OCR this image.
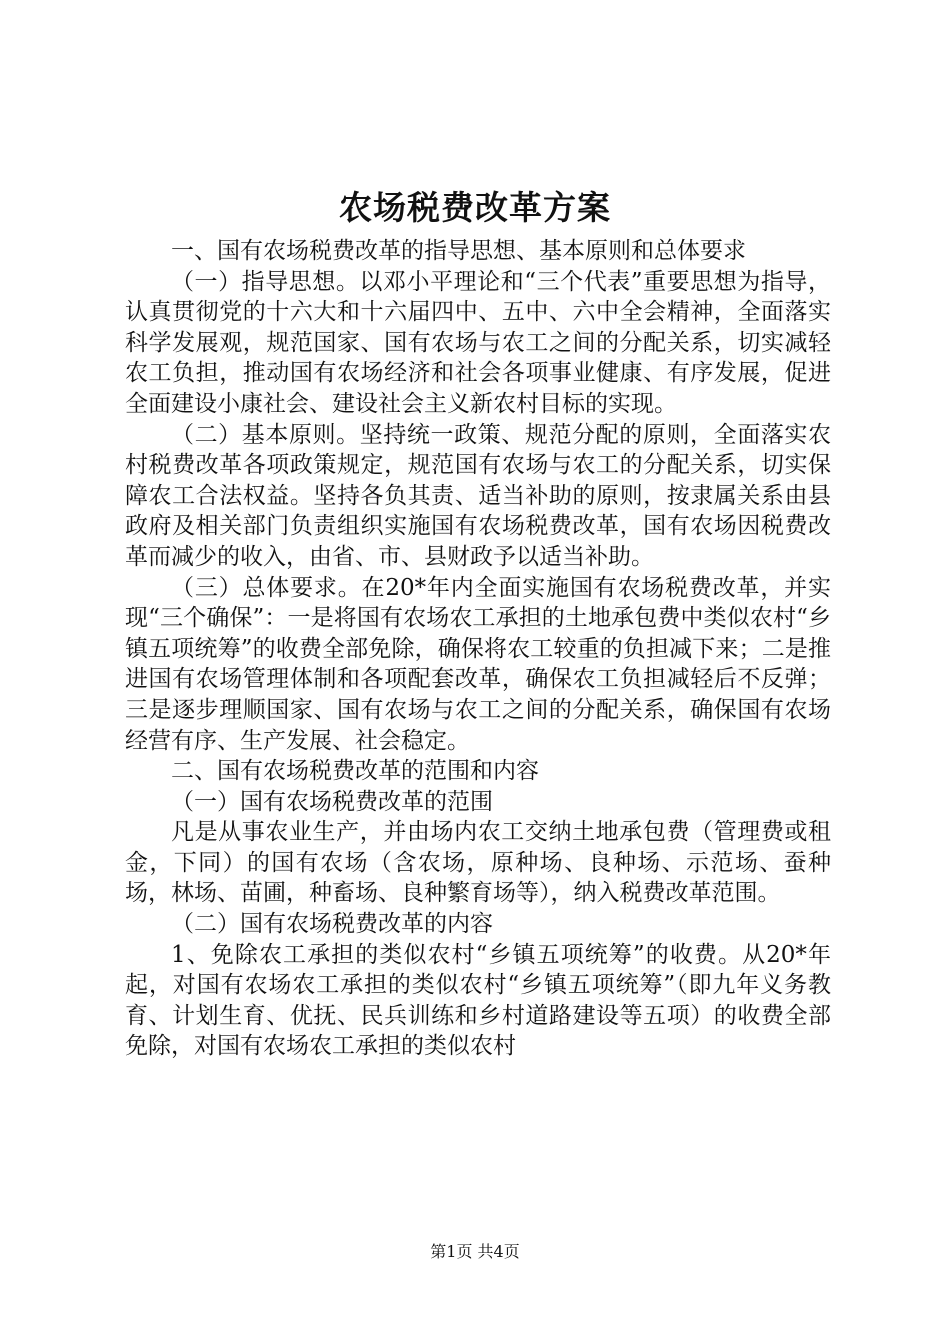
农场税费改革方案

一、国有农场税费改革的指导思想、基本原则和总体要求

（一）指导思想。以邓小平理论和“三个代表”重要思想为指导，认真贯彻党的十六大和十六届四中、五中、六中全会精神，全面落实科学发展观，规范国家、国有农场与农工之间的分配关系，切实减轻农工负担，推动国有农场经济和社会各项事业健康、有序发展，促进全面建设小康社会、建设社会主义新农村目标的实现。

（二）基本原则。坚持统一政策、规范分配的原则，全面落实农村税费改革各项政策规定，规范国有农场与农工的分配关系，切实保障农工合法权益。坚持各负其责、适当补助的原则，按隶属关系由县政府及相关部门负责组织实施国有农场税费改革，国有农场因税费改革而减少的收入，由省、市、县财政予以适当补助。

（三）总体要求。在20*年内全面实施国有农场税费改革，并实现“三个确保”：一是将国有农场农工承担的土地承包费中类似农村“乡镇五项统筹”的收费全部免除，确保将农工较重的负担减下来；二是推进国有农场管理体制和各项配套改革，确保农工负担减轻后不反弹；三是逐步理顺国家、国有农场与农工之间的分配关系，确保国有农场经营有序、生产发展、社会稳定。

二、国有农场税费改革的范围和内容

（一）国有农场税费改革的范围

凡是从事农业生产，并由场内农工交纳土地承包费（管理费或租金，下同）的国有农场（含农场，原种场、良种场、示范场、蚕种场，林场、苗圃，种畜场、良种繁育场等），纳入税费改革范围。

（二）国有农场税费改革的内容

1、免除农工承担的类似农村“乡镇五项统筹”的收费。从20*年起，对国有农场农工承担的类似农村“乡镇五项统筹”（即九年义务教育、计划生育、优抚、民兵训练和乡村道路建设等五项）的收费全部免除，对国有农场农工承担的类似农村

第1页 共4页
